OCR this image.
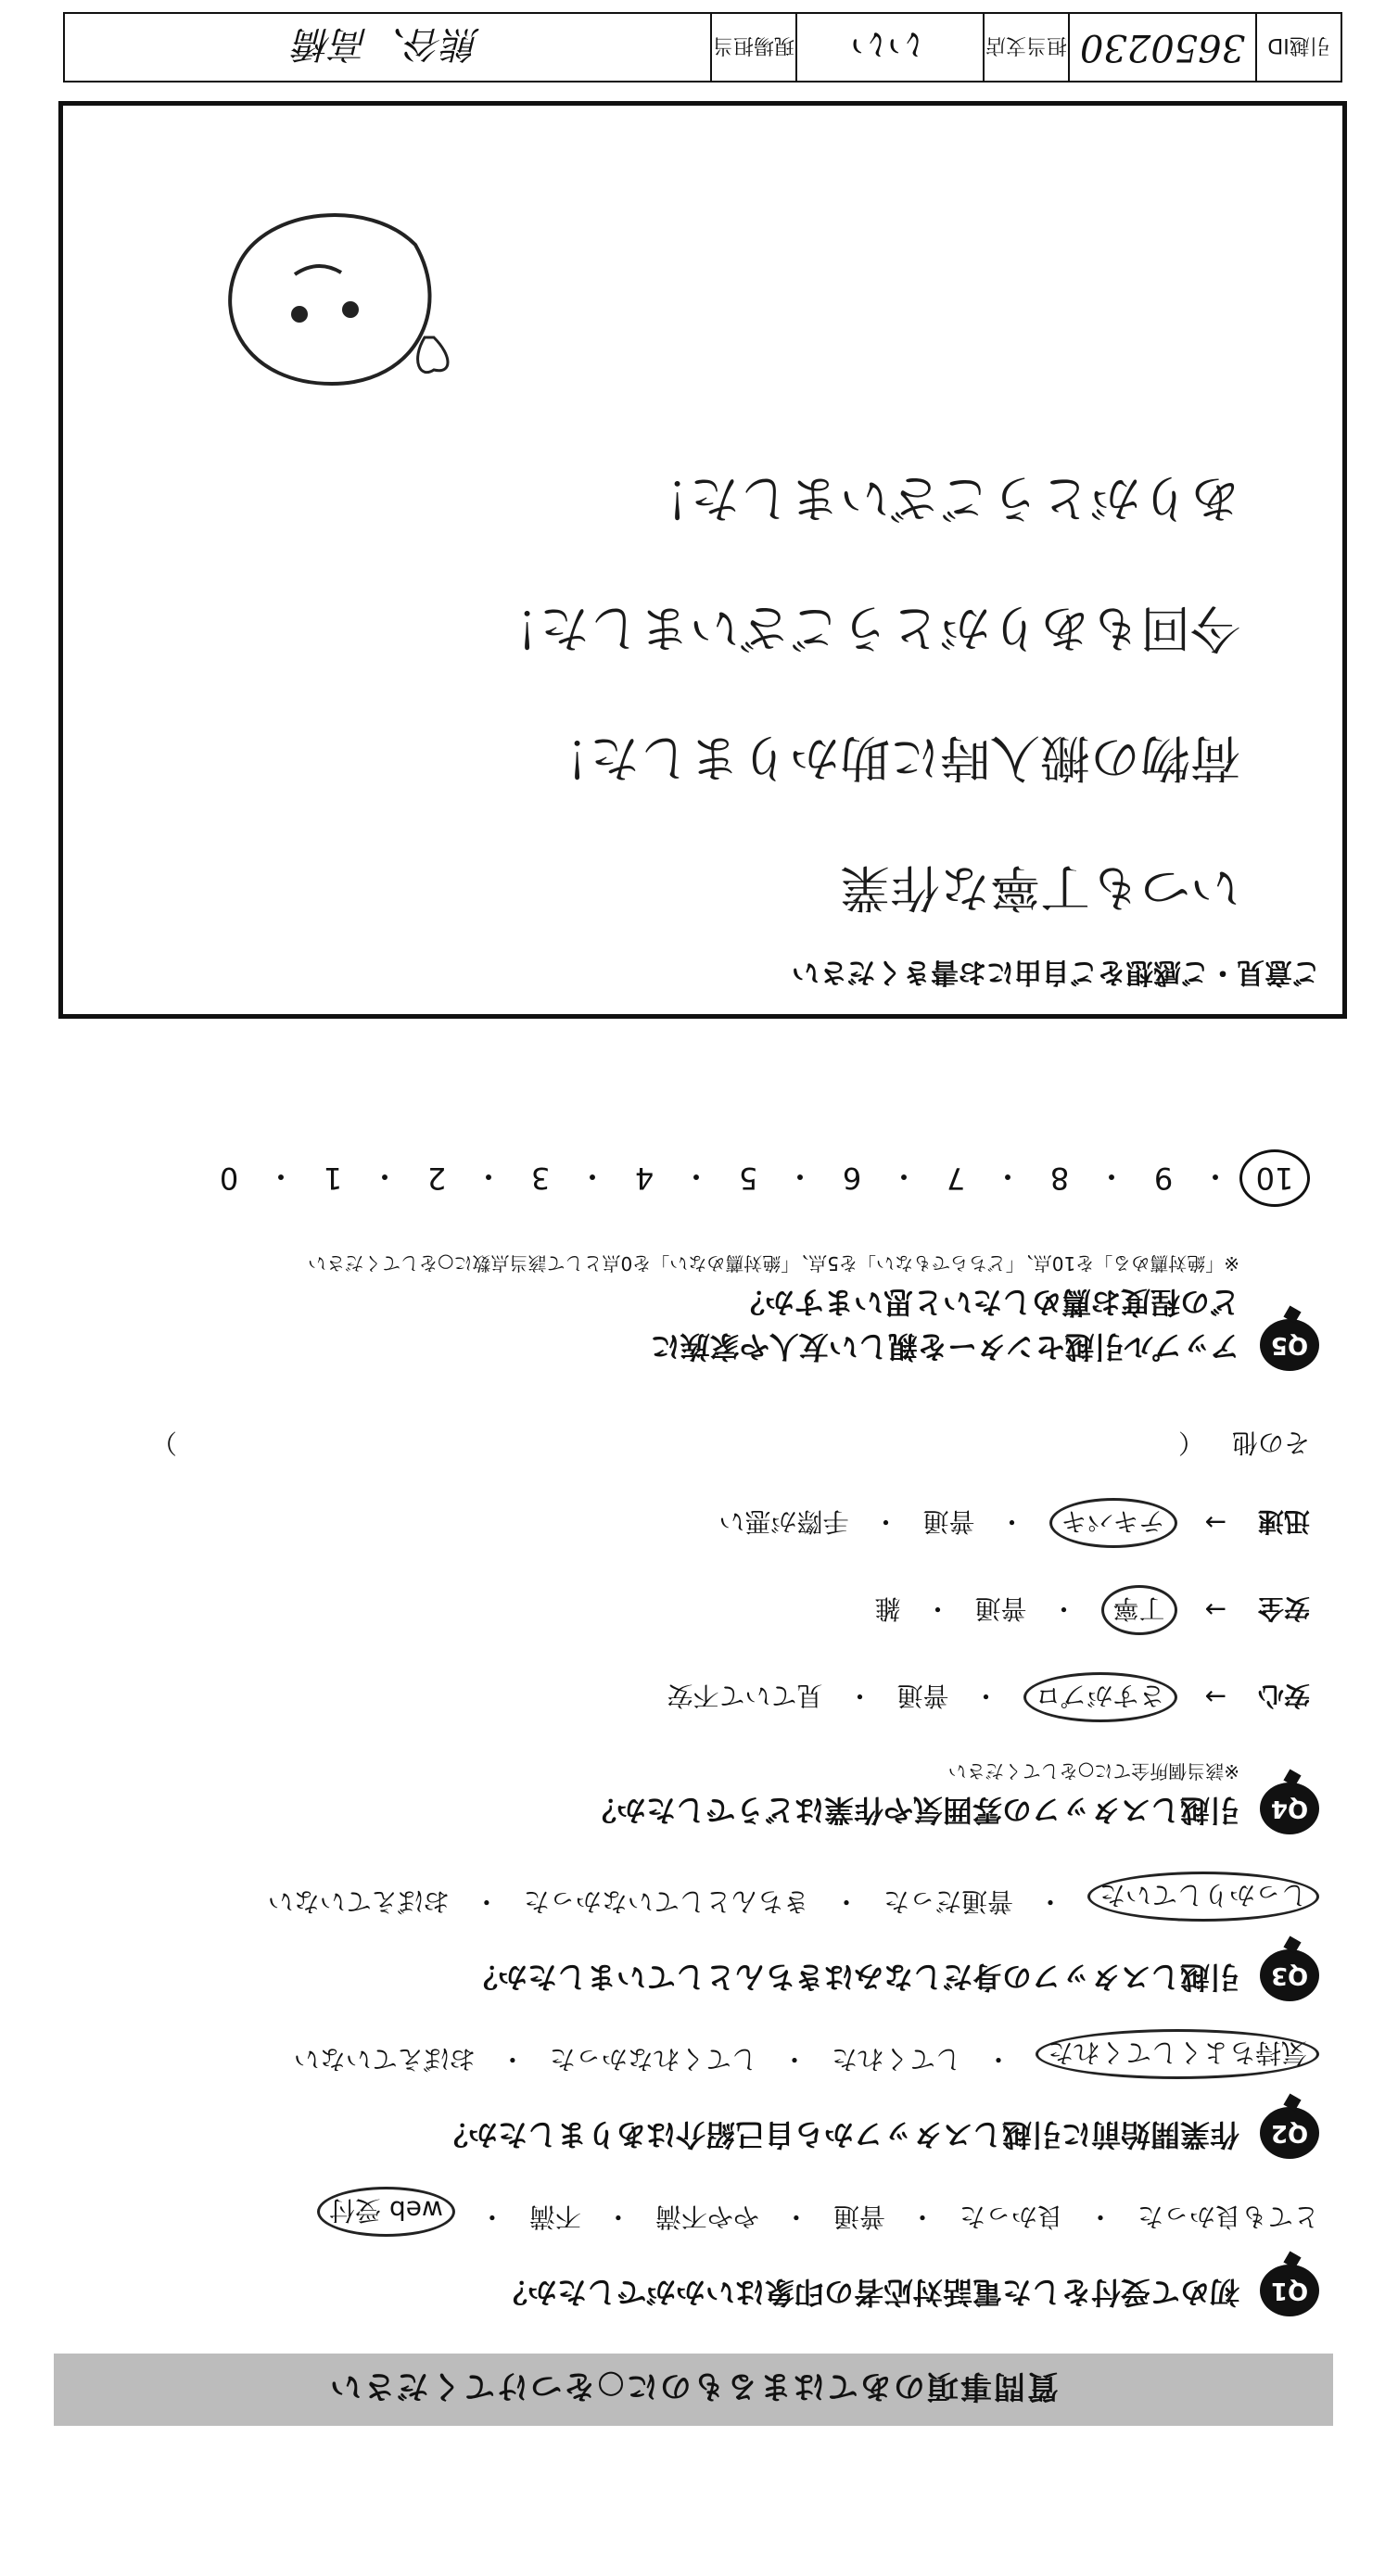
質問事項のあてはまるものに○をつけてください
Q1
初めて受付をした電話対応者の印象はいかがでしたか？
とても良かった
・
良かった
・
普通
・
やや不満
・
不満
・
web 受付
Q2
作業開始前に引越しスタッフから自己紹介はありましたか？
気持ちよくしてくれた
・
してくれた
・
してくれなかった
・
おぼえていない
Q3
引越しスタッフの身だしなみはきちんとしていましたか？
しっかりしていた
・
普通だった
・
きちんとしていなかった
・
おぼえていない
Q4
引越しスタッフの雰囲気や作業はどうでしたか？
※該当個所全てに○をしてください
安心
→
さすがプロ
・
普通
・
見ていて不安
安全
→
丁寧
・
普通
・
雑
迅速
→
テキパキ
・
普通
・
手際が悪い
その他
（
）
Q5
アップル引越センターを親しい友人や家族に
どの程度お薦めしたいと思いますか？
※「絶対薦める」を10点、「どちらでもない」を5点、「絶対薦めない」を0点として該当点数に○をしてください
10
・
9
・
8
・
7
・
6
・
5
・
4
・
3
・
2
・
1
・
0
ご意見・ご感想をご自由にお書きください
いつも丁寧な作業
荷物の搬入時に助かりました！
今回もありがとうございました！
ありがとうございました！
引越ID
3650230
担当支店
いい
現場担当
熊谷、高橋
